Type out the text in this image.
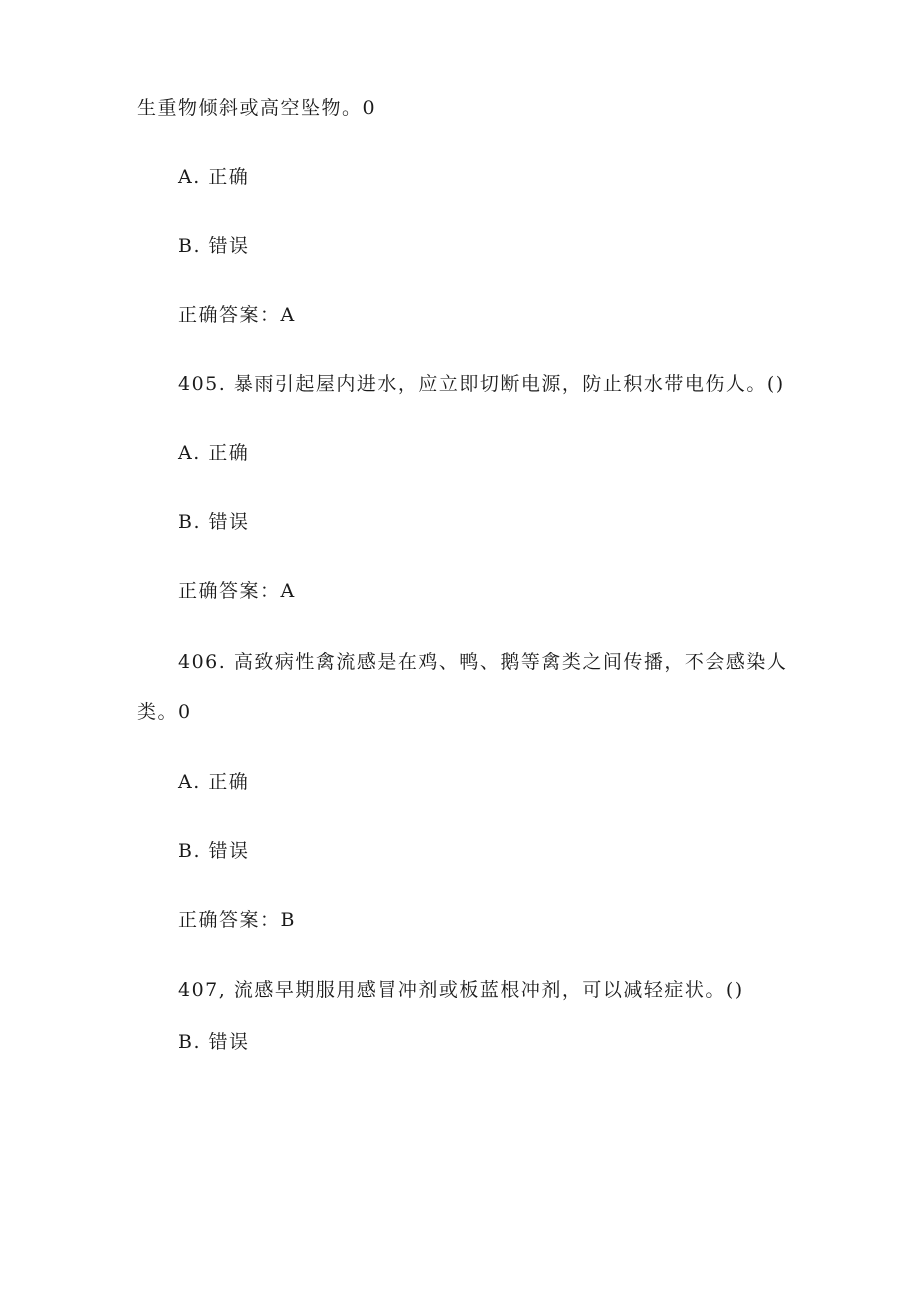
生重物倾斜或高空坠物。0
A. 正确
B. 错误
正确答案：A
405. 暴雨引起屋内进水，应立即切断电源，防止积水带电伤人。()
A. 正确
B. 错误
正确答案：A
406. 高致病性禽流感是在鸡、鸭、鹅等禽类之间传播，不会感染人
类。0
A. 正确
B. 错误
正确答案：B
407, 流感早期服用感冒冲剂或板蓝根冲剂，可以减轻症状。()
B. 错误
